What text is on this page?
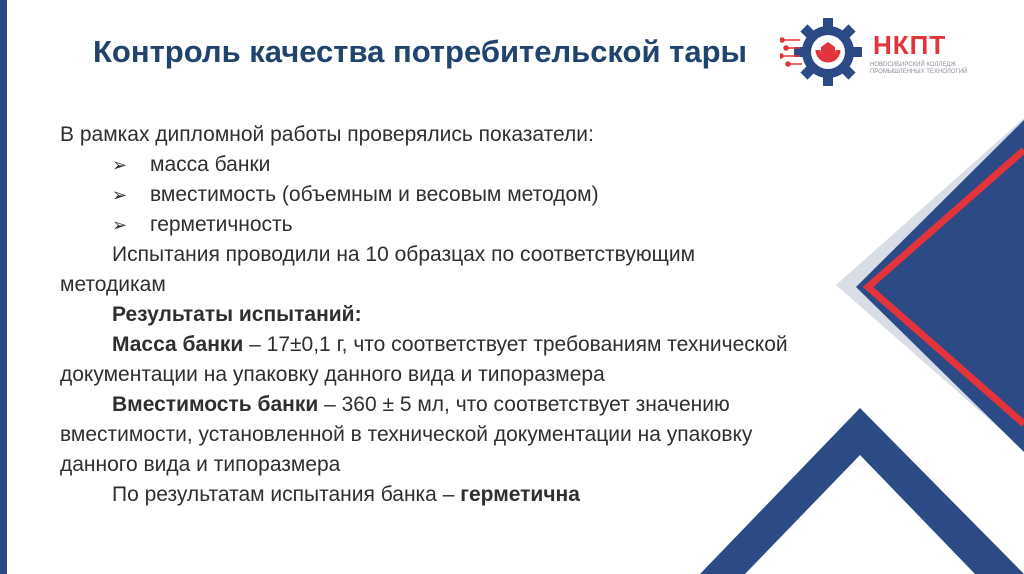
НКПТ
НОВОСИБИРСКИЙ КОЛЛЕДЖ ПРОМЫШЛЕННЫХ ТЕХНОЛОГИЙ
Контроль качества потребительской тары
В рамках дипломной работы проверялись показатели:
➢ масса банки
➢ вместимость (объемным и весовым методом)
➢ герметичность
Испытания проводили на 10 образцах по соответствующим
методикам
Результаты испытаний:
Масса банки – 17±0,1 г, что соответствует требованиям технической
документации на упаковку данного вида и типоразмера
Вместимость банки – 360 ± 5 мл, что соответствует значению
вместимости, установленной в технической документации на упаковку
данного вида и типоразмера
По результатам испытания банка – герметична
